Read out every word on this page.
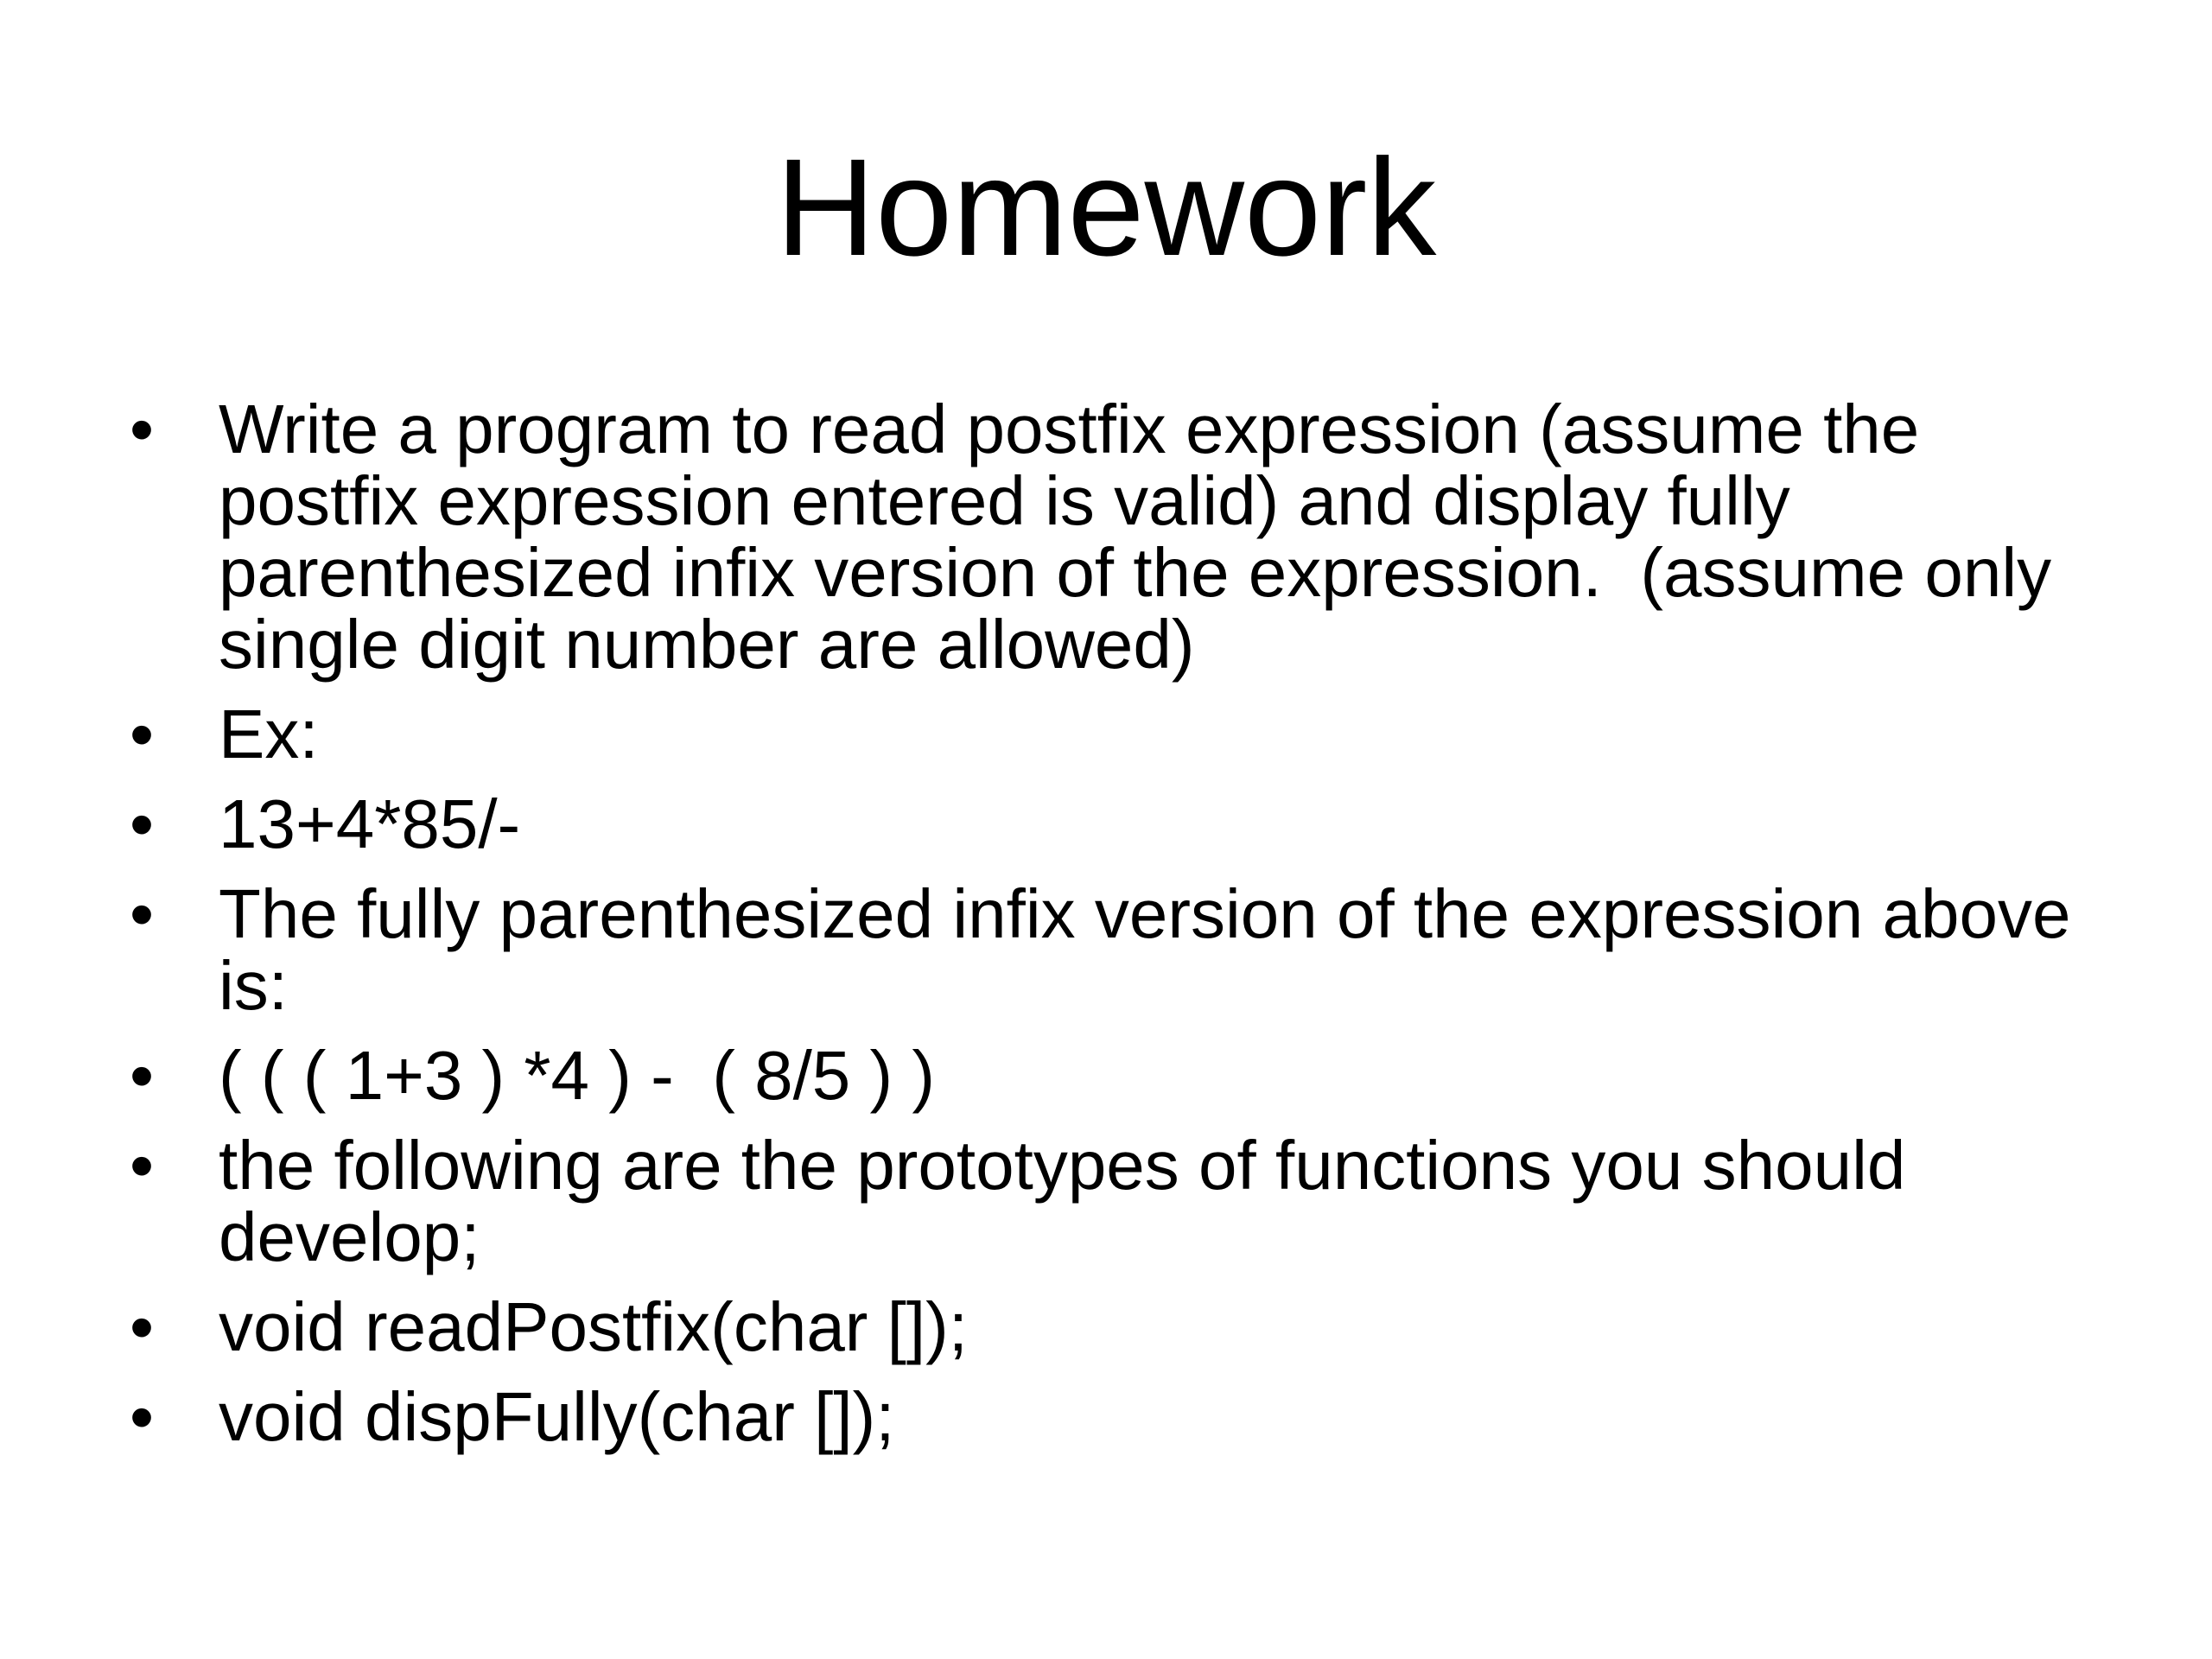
Homework
• Write a program to read postfix expression (assume the postfix expression entered is valid) and display fully parenthesized infix version of the expression.  (assume only single digit number are allowed)
• Ex:
• 13+4*85/-
• The fully parenthesized infix version of the expression above is:
• ( ( ( 1+3 ) *4 ) -  ( 8/5 ) )
• the following are the prototypes of functions you should develop;
• void readPostfix(char []);
• void dispFully(char []);
